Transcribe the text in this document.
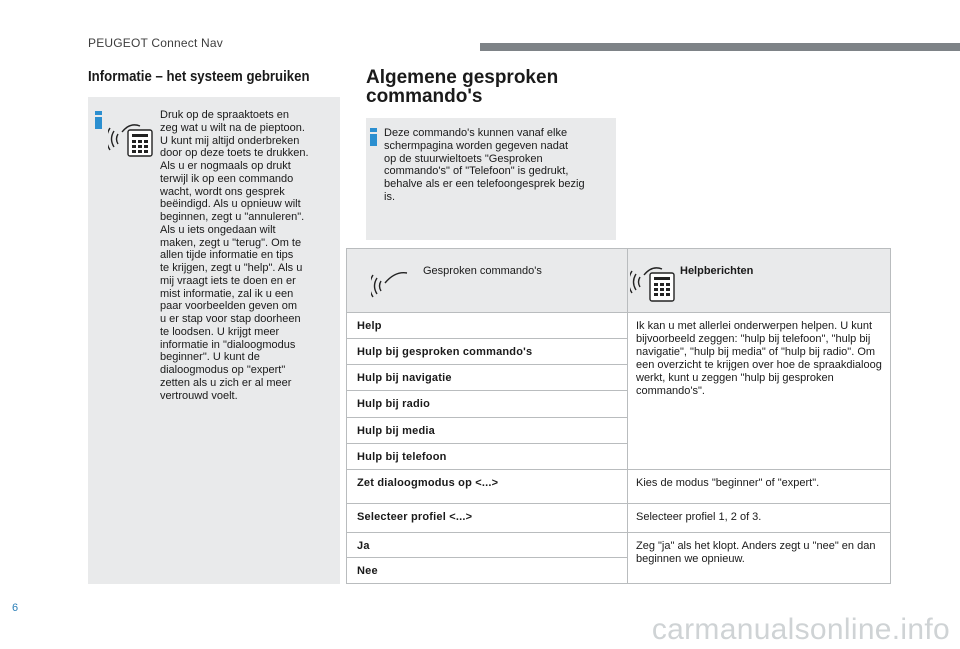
PEUGEOT Connect Nav
Informatie – het systeem gebruiken
Druk op de spraaktoets en
zeg wat u wilt na de pieptoon.
U kunt mij altijd onderbreken
door op deze toets te drukken.
Als u er nogmaals op drukt
terwijl ik op een commando
wacht, wordt ons gesprek
beëindigd. Als u opnieuw wilt
beginnen, zegt u "annuleren".
Als u iets ongedaan wilt
maken, zegt u "terug". Om te
allen tijde informatie en tips
te krijgen, zegt u "help". Als u
mij vraagt iets te doen en er
mist informatie, zal ik u een
paar voorbeelden geven om
u er stap voor stap doorheen
te loodsen. U krijgt meer
informatie in "dialoogmodus
beginner". U kunt de
dialoogmodus op "expert"
zetten als u zich er al meer
vertrouwd voelt.
Algemene gesproken
commando's
Deze commando's kunnen vanaf elke
schermpagina worden gegeven nadat
op de stuurwieltoets "Gesproken
commando's" of "Telefoon" is gedrukt,
behalve als er een telefoongesprek bezig
is.
Gesproken commando's	Helpberichten

Help	Ik kan u met allerlei onderwerpen helpen. U kunt bijvoorbeeld zeggen: "hulp bij telefoon", "hulp bij navigatie", "hulp bij media" of "hulp bij radio". Om een overzicht te krijgen over hoe de spraakdialoog werkt, kunt u zeggen "hulp bij gesproken commando's".

Hulp bij gesproken commando's	

Hulp bij navigatie	

Hulp bij radio	

Hulp bij media	

Hulp bij telefoon	

Zet dialoogmodus op <...>	Kies de modus "beginner" of "expert".

Selecteer profiel <...>	Selecteer profiel 1, 2 of 3.

Ja	Zeg "ja" als het klopt. Anders zegt u "nee" en dan beginnen we opnieuw.

Nee	
6
carmanualsonline.info
